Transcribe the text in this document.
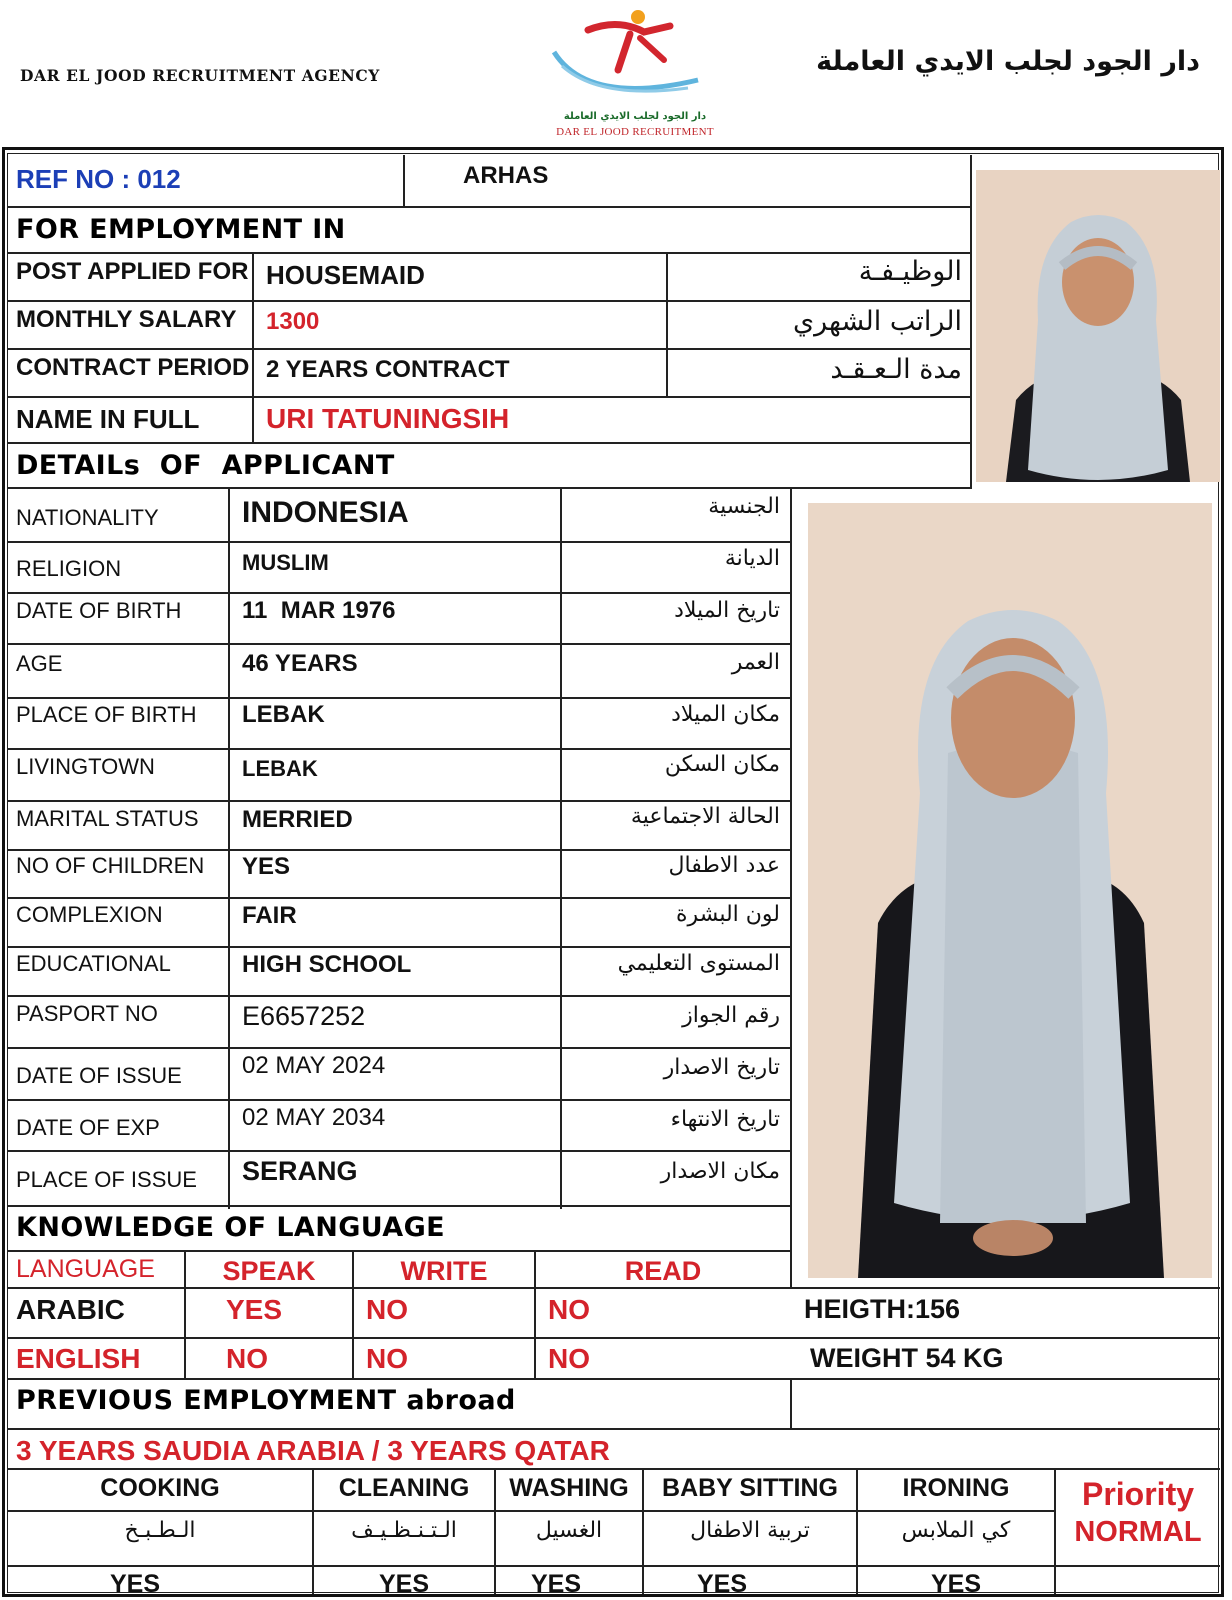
DAR EL JOOD RECRUITMENT AGENCY
دار الجود لجلب الايدي العاملة
DAR EL JOOD RECRUITMENT
دار الجود لجلب الايدي العاملة
REF NO : 012	ARHAS
FOR EMPLOYMENT IN
POST APPLIED FOR HOUSEMAID	الوظيـفـة
MONTHLY SALARY 1300	الراتب الشهري
CONTRACT PERIOD 2 YEARS CONTRACT	مدة الـعـقـد
NAME IN FULL URI TATUNINGSIH
DETAILs  OF  APPLICANT
NATIONALITY	INDONESIA	الجنسية
RELIGION	MUSLIM	الديانة
DATE OF BIRTH	11  MAR 1976	تاريخ الميلاد
AGE	46 YEARS	العمر
PLACE OF BIRTH LEBAK	مكان الميلاد
LIVINGTOWN	LEBAK	مكان السكن
MARITAL STATUS MERRIED	الحالة الاجتماعية
NO OF CHILDREN YES	عدد الاطفال
COMPLEXION	FAIR	لون البشرة
EDUCATIONAL	HIGH SCHOOL	المستوى التعليمي
PASPORT NO	E6657252	رقم الجواز
DATE OF ISSUE	02 MAY 2024	تاريخ الاصدار
DATE OF EXP	02 MAY 2034	تاريخ الانتهاء
PLACE OF ISSUE SERANG	مكان الاصدار
KNOWLEDGE OF LANGUAGE
LANGUAGE	SPEAK	WRITE	READ
ARABIC	YES	NO	NO
ENGLISH	NO	NO	NO
HEIGTH:156
WEIGHT 54 KG
PREVIOUS EMPLOYMENT abroad
3 YEARS SAUDIA ARABIA / 3 YEARS QATAR
COOKING
الـطـبـخ
YES
CLEANING
الـتـنـظـيـف
YES
WASHING
الغسيل
YES
BABY SITTING
تربية الاطفال
YES
IRONING
كي الملابس
YES
Priority
NORMAL
